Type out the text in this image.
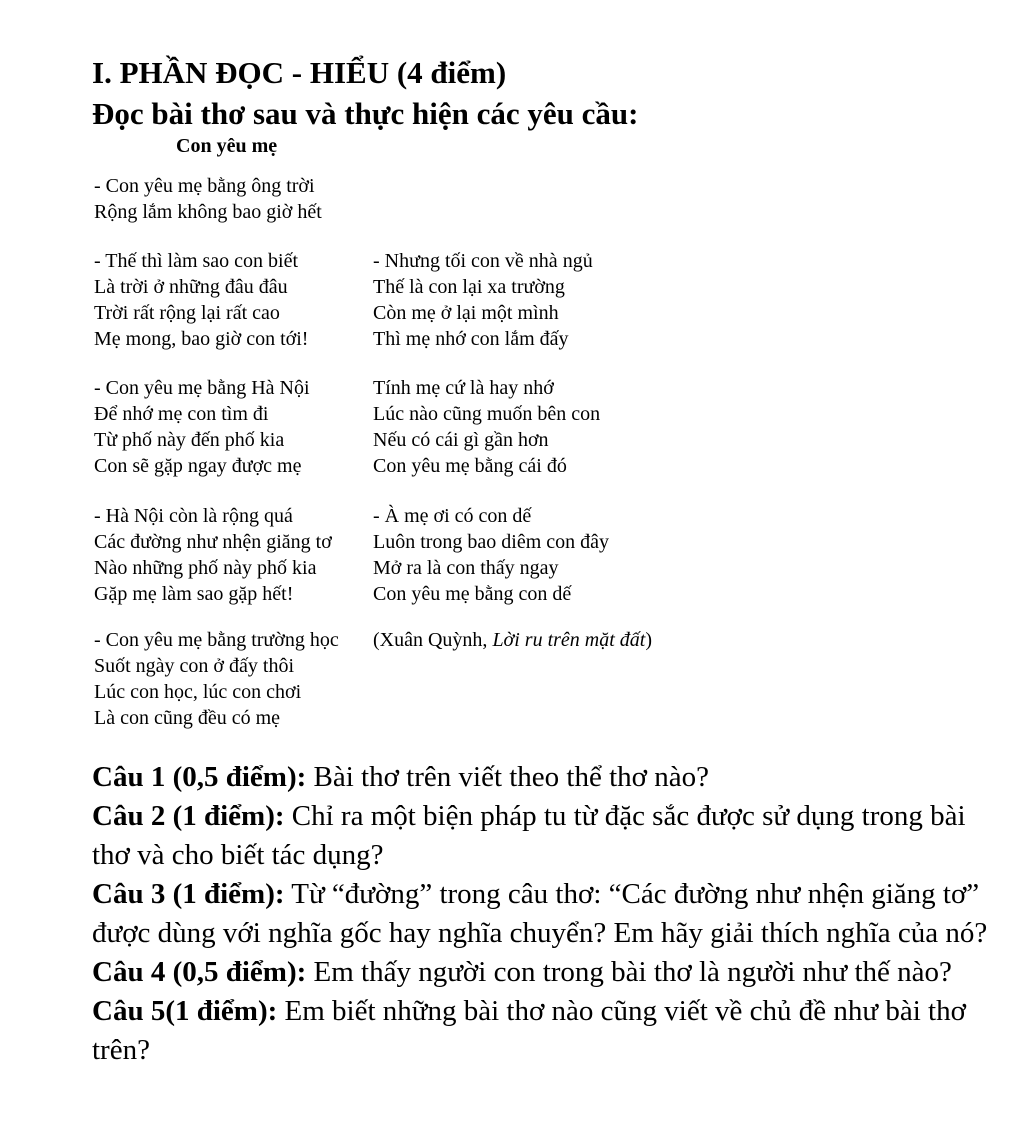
I. PHẦN ĐỌC - HIỂU (4 điểm)
Đọc bài thơ sau và thực hiện các yêu cầu:
Con yêu mẹ
- Con yêu mẹ bằng ông trời
Rộng lắm không bao giờ hết
- Thế thì làm sao con biết
Là trời ở những đâu đâu
Trời rất rộng lại rất cao
Mẹ mong, bao giờ con tới!
- Con yêu mẹ bằng Hà Nội
Để nhớ mẹ con tìm đi
Từ phố này đến phố kia
Con sẽ gặp ngay được mẹ
- Hà Nội còn là rộng quá
Các đường như nhện giăng tơ
Nào những phố này phố kia
Gặp mẹ làm sao gặp hết!
- Con yêu mẹ bằng trường học
Suốt ngày con ở đấy thôi
Lúc con học, lúc con chơi
Là con cũng đều có mẹ
- Nhưng tối con về nhà ngủ
Thế là con lại xa trường
Còn mẹ ở lại một mình
Thì mẹ nhớ con lắm đấy
Tính mẹ cứ là hay nhớ
Lúc nào cũng muốn bên con
Nếu có cái gì gần hơn
Con yêu mẹ bằng cái đó
- À mẹ ơi có con dế
Luôn trong bao diêm con đây
Mở ra là con thấy ngay
Con yêu mẹ bằng con dế
(Xuân Quỳnh, Lời ru trên mặt đất)
Câu 1 (0,5 điểm): Bài thơ trên viết theo thể thơ nào?
Câu 2 (1 điểm): Chỉ ra một biện pháp tu từ đặc sắc được sử dụng trong bài thơ và cho biết tác dụng?
Câu 3 (1 điểm): Từ “đường” trong câu thơ: “Các đường như nhện giăng tơ” được dùng với nghĩa gốc hay nghĩa chuyển? Em hãy giải thích nghĩa của nó?
Câu 4 (0,5 điểm): Em thấy người con trong bài thơ là người như thế nào?
Câu 5(1 điểm): Em biết những bài thơ nào cũng viết về chủ đề như bài thơ trên?
